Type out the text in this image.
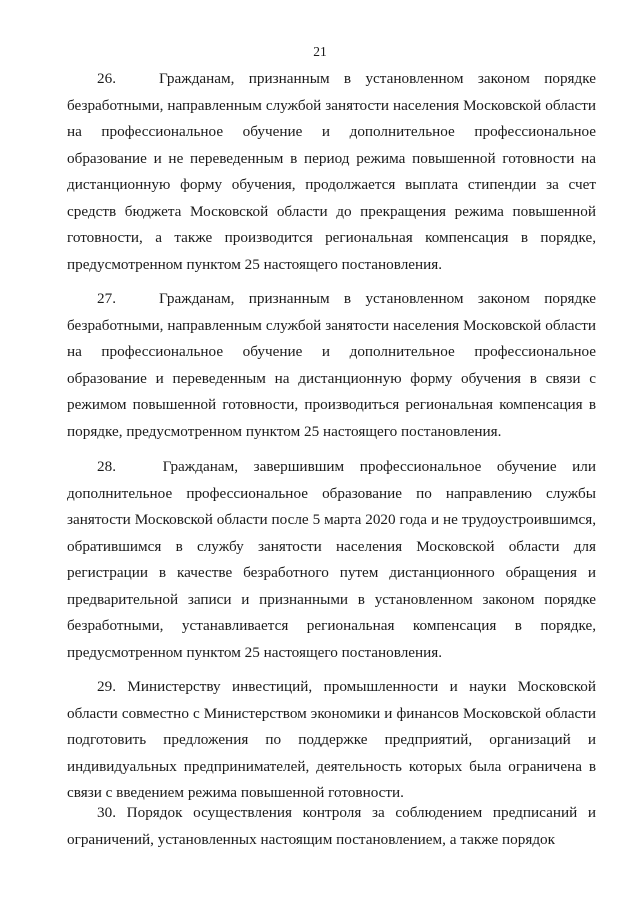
21

26.	Гражданам, признанным в установленном законом порядке безработными, направленным службой занятости населения Московской области на профессиональное обучение и дополнительное профессиональное образование и не переведенным в период режима повышенной готовности на дистанционную форму обучения, продолжается выплата стипендии за счет средств бюджета Московской области до прекращения режима повышенной готовности, а также производится региональная компенсация в порядке, предусмотренном пунктом 25 настоящего постановления.

27.	Гражданам, признанным в установленном законом порядке безработными, направленным службой занятости населения Московской области на профессиональное обучение и дополнительное профессиональное образование и переведенным на дистанционную форму обучения в связи с режимом повышенной готовности, производиться региональная компенсация в порядке, предусмотренном пунктом 25 настоящего постановления.

28.	Гражданам, завершившим профессиональное обучение или дополнительное профессиональное образование по направлению службы занятости Московской области после 5 марта 2020 года и не трудоустроившимся, обратившимся в службу занятости населения Московской области для регистрации в качестве безработного путем дистанционного обращения и предварительной записи и признанными в установленном законом порядке безработными, устанавливается региональная компенсация в порядке, предусмотренном пунктом 25 настоящего постановления.

29. Министерству инвестиций, промышленности и науки Московской области совместно с Министерством экономики и финансов Московской области подготовить предложения по поддержке предприятий, организаций и индивидуальных предпринимателей, деятельность которых была ограничена в связи с введением режима повышенной готовности.

30. Порядок осуществления контроля за соблюдением предписаний и ограничений, установленных настоящим постановлением, а также порядок
